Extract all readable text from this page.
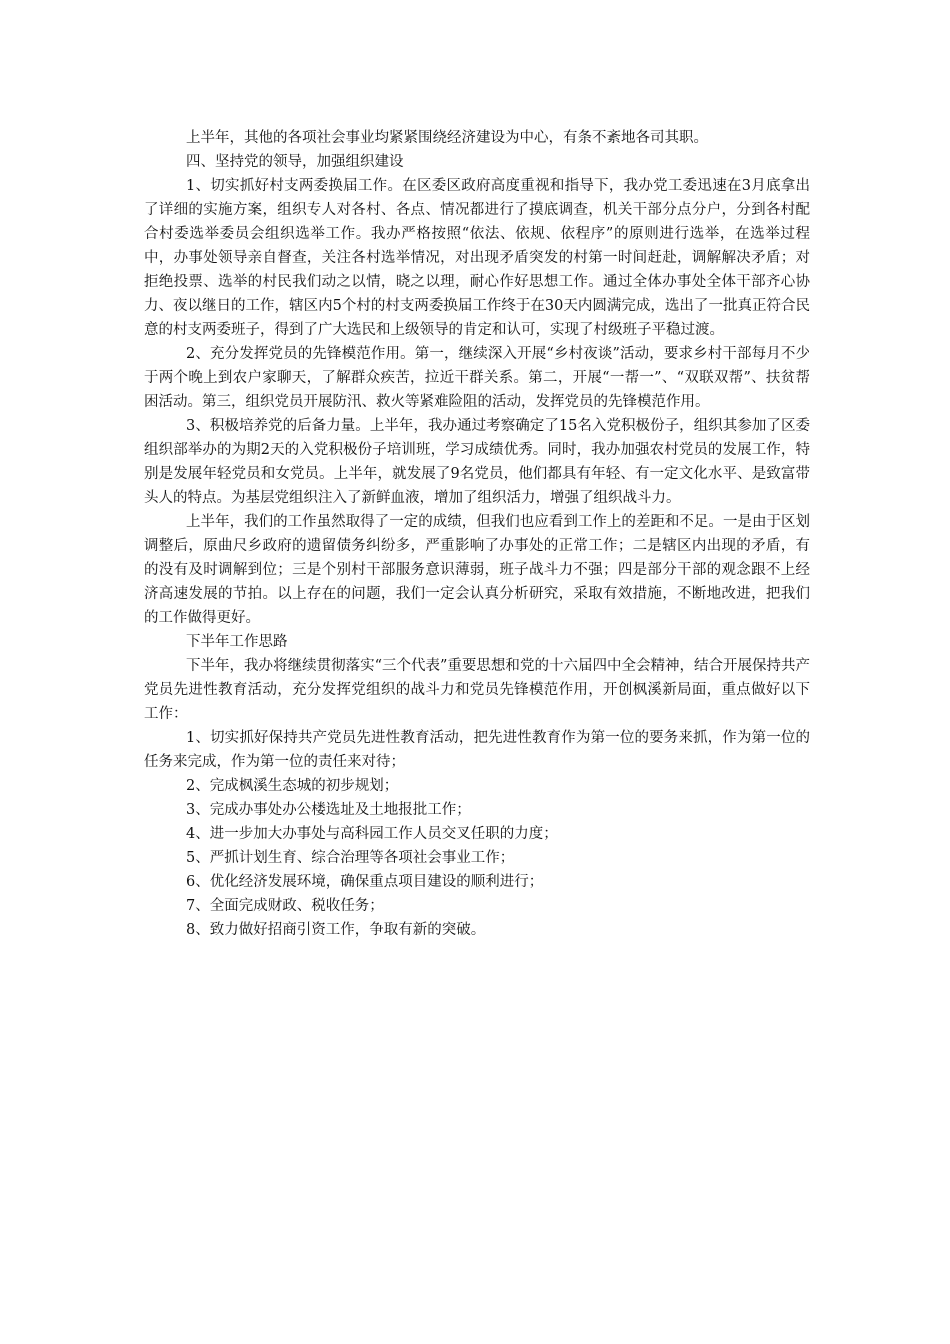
上半年，其他的各项社会事业均紧紧围绕经济建设为中心，有条不紊地各司其职。

四、坚持党的领导，加强组织建设

1、切实抓好村支两委换届工作。在区委区政府高度重视和指导下，我办党工委迅速在3月底拿出了详细的实施方案，组织专人对各村、各点、情况都进行了摸底调查，机关干部分点分户，分到各村配合村委选举委员会组织选举工作。我办严格按照“依法、依规、依程序”的原则进行选举，在选举过程中，办事处领导亲自督查，关注各村选举情况，对出现矛盾突发的村第一时间赶赴，调解解决矛盾；对拒绝投票、选举的村民我们动之以情，晓之以理，耐心作好思想工作。通过全体办事处全体干部齐心协力、夜以继日的工作，辖区内5个村的村支两委换届工作终于在30天内圆满完成，选出了一批真正符合民意的村支两委班子，得到了广大选民和上级领导的肯定和认可，实现了村级班子平稳过渡。

2、充分发挥党员的先锋模范作用。第一，继续深入开展“乡村夜谈”活动，要求乡村干部每月不少于两个晚上到农户家聊天，了解群众疾苦，拉近干群关系。第二，开展“一帮一”、“双联双帮”、扶贫帮困活动。第三，组织党员开展防汛、救火等紧难险阻的活动，发挥党员的先锋模范作用。

3、积极培养党的后备力量。上半年，我办通过考察确定了15名入党积极份子，组织其参加了区委组织部举办的为期2天的入党积极份子培训班，学习成绩优秀。同时，我办加强农村党员的发展工作，特别是发展年轻党员和女党员。上半年，就发展了9名党员，他们都具有年轻、有一定文化水平、是致富带头人的特点。为基层党组织注入了新鲜血液，增加了组织活力，增强了组织战斗力。

上半年，我们的工作虽然取得了一定的成绩，但我们也应看到工作上的差距和不足。一是由于区划调整后，原曲尺乡政府的遗留债务纠纷多，严重影响了办事处的正常工作；二是辖区内出现的矛盾，有的没有及时调解到位；三是个别村干部服务意识薄弱，班子战斗力不强；四是部分干部的观念跟不上经济高速发展的节拍。以上存在的问题，我们一定会认真分析研究，采取有效措施，不断地改进，把我们的工作做得更好。

下半年工作思路

下半年，我办将继续贯彻落实“三个代表”重要思想和党的十六届四中全会精神，结合开展保持共产党员先进性教育活动，充分发挥党组织的战斗力和党员先锋模范作用，开创枫溪新局面，重点做好以下工作：

1、切实抓好保持共产党员先进性教育活动，把先进性教育作为第一位的要务来抓，作为第一位的任务来完成，作为第一位的责任来对待；

2、完成枫溪生态城的初步规划；

3、完成办事处办公楼选址及土地报批工作；

4、进一步加大办事处与高科园工作人员交叉任职的力度；

5、严抓计划生育、综合治理等各项社会事业工作；

6、优化经济发展环境，确保重点项目建设的顺利进行；

7、全面完成财政、税收任务；

8、致力做好招商引资工作，争取有新的突破。
